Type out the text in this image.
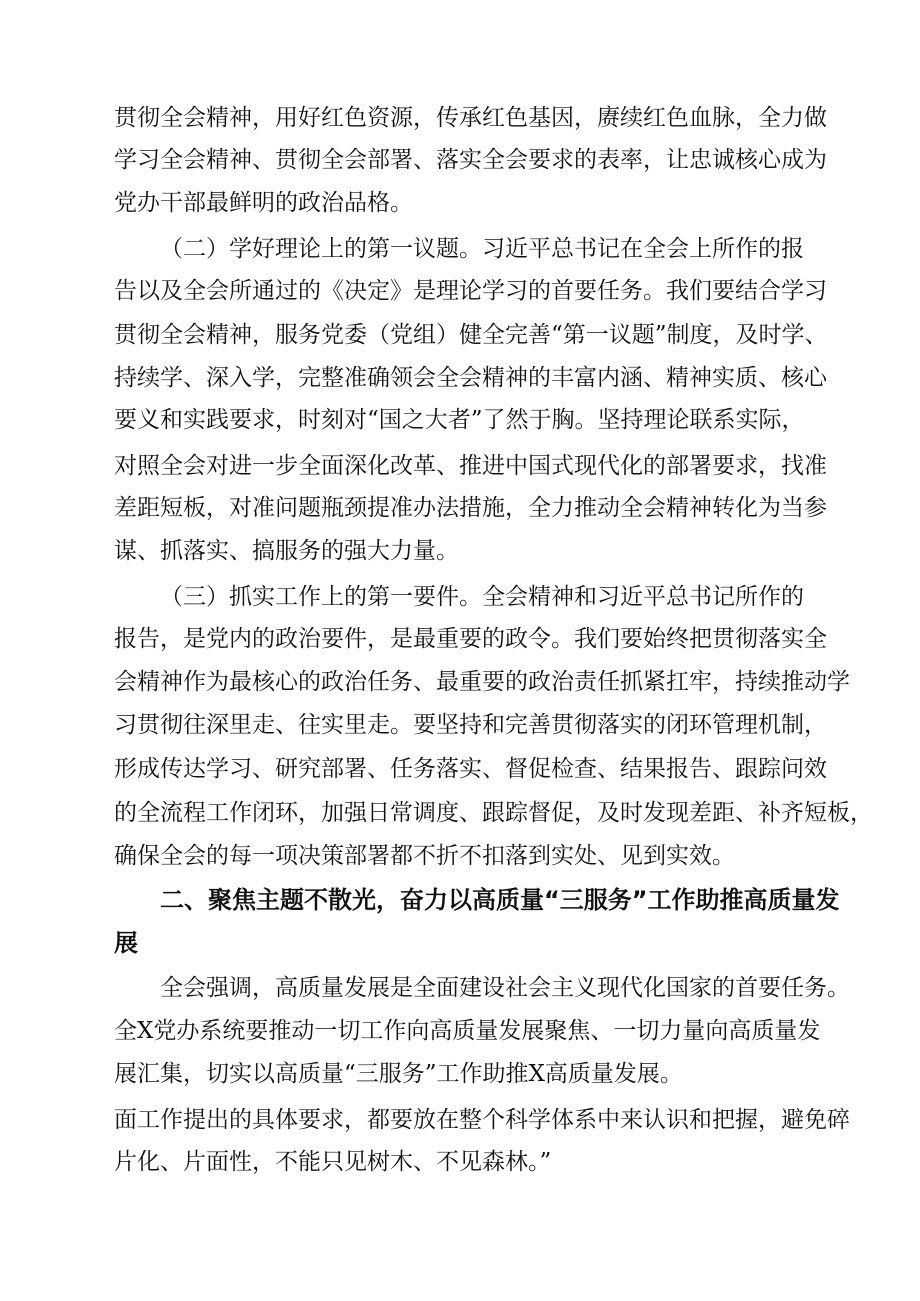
贯彻全会精神，用好红色资源，传承红色基因，赓续红色血脉，全力做
学习全会精神、贯彻全会部署、落实全会要求的表率，让忠诚核心成为
党办干部最鲜明的政治品格。
（二）学好理论上的第一议题。习近平总书记在全会上所作的报
告以及全会所通过的《决定》是理论学习的首要任务。我们要结合学习
贯彻全会精神，服务党委（党组）健全完善“第一议题”制度，及时学、
持续学、深入学，完整准确领会全会精神的丰富内涵、精神实质、核心
要义和实践要求，时刻对“国之大者”了然于胸。坚持理论联系实际，
对照全会对进一步全面深化改革、推进中国式现代化的部署要求，找准
差距短板，对准问题瓶颈提准办法措施，全力推动全会精神转化为当参
谋、抓落实、搞服务的强大力量。
（三）抓实工作上的第一要件。全会精神和习近平总书记所作的
报告，是党内的政治要件，是最重要的政令。我们要始终把贯彻落实全
会精神作为最核心的政治任务、最重要的政治责任抓紧扛牢，持续推动学
习贯彻往深里走、往实里走。要坚持和完善贯彻落实的闭环管理机制，
形成传达学习、研究部署、任务落实、督促检查、结果报告、跟踪问效
的全流程工作闭环，加强日常调度、跟踪督促，及时发现差距、补齐短板，
确保全会的每一项决策部署都不折不扣落到实处、见到实效。
二、聚焦主题不散光，奋力以高质量“三服务”工作助推高质量发
展
全会强调，高质量发展是全面建设社会主义现代化国家的首要任务。
全X党办系统要推动一切工作向高质量发展聚焦、一切力量向高质量发
展汇集，切实以高质量“三服务”工作助推X高质量发展。
面工作提出的具体要求，都要放在整个科学体系中来认识和把握，避免碎
片化、片面性，不能只见树木、不见森林。”
